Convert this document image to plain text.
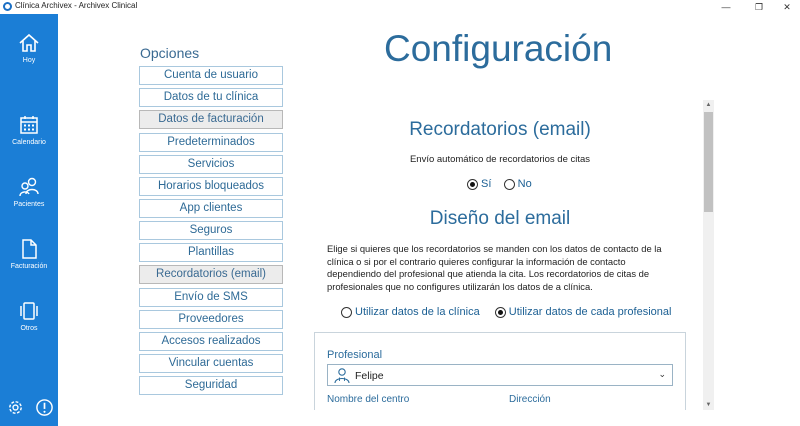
Clínica Archivex - Archivex Clinical	—	❐	✕
Hoy
Calendario
Pacientes
Facturación
Otros
Opciones
Cuenta de usuario
Datos de tu clínica
Datos de facturación
Predeterminados
Servicios
Horarios bloqueados
App clientes
Seguros
Plantillas
Recordatorios (email)
Envío de SMS
Proveedores
Accesos realizados
Vincular cuentas
Seguridad
Configuración
Recordatorios (email)
Envío automático de recordatorios de citas
Sí No
Diseño del email
Elige si quieres que los recordatorios se manden con los datos de contacto de la clínica o si por el contrario quieres configurar la información de contacto dependiendo del profesional que atienda la cita. Los recordatorios de citas de profesionales que no configures utilizarán los datos de a clínica.
Utilizar datos de la clínica	Utilizar datos de cada profesional
Profesional
Felipe	⌄
Nombre del centro	Dirección
▲
▼
